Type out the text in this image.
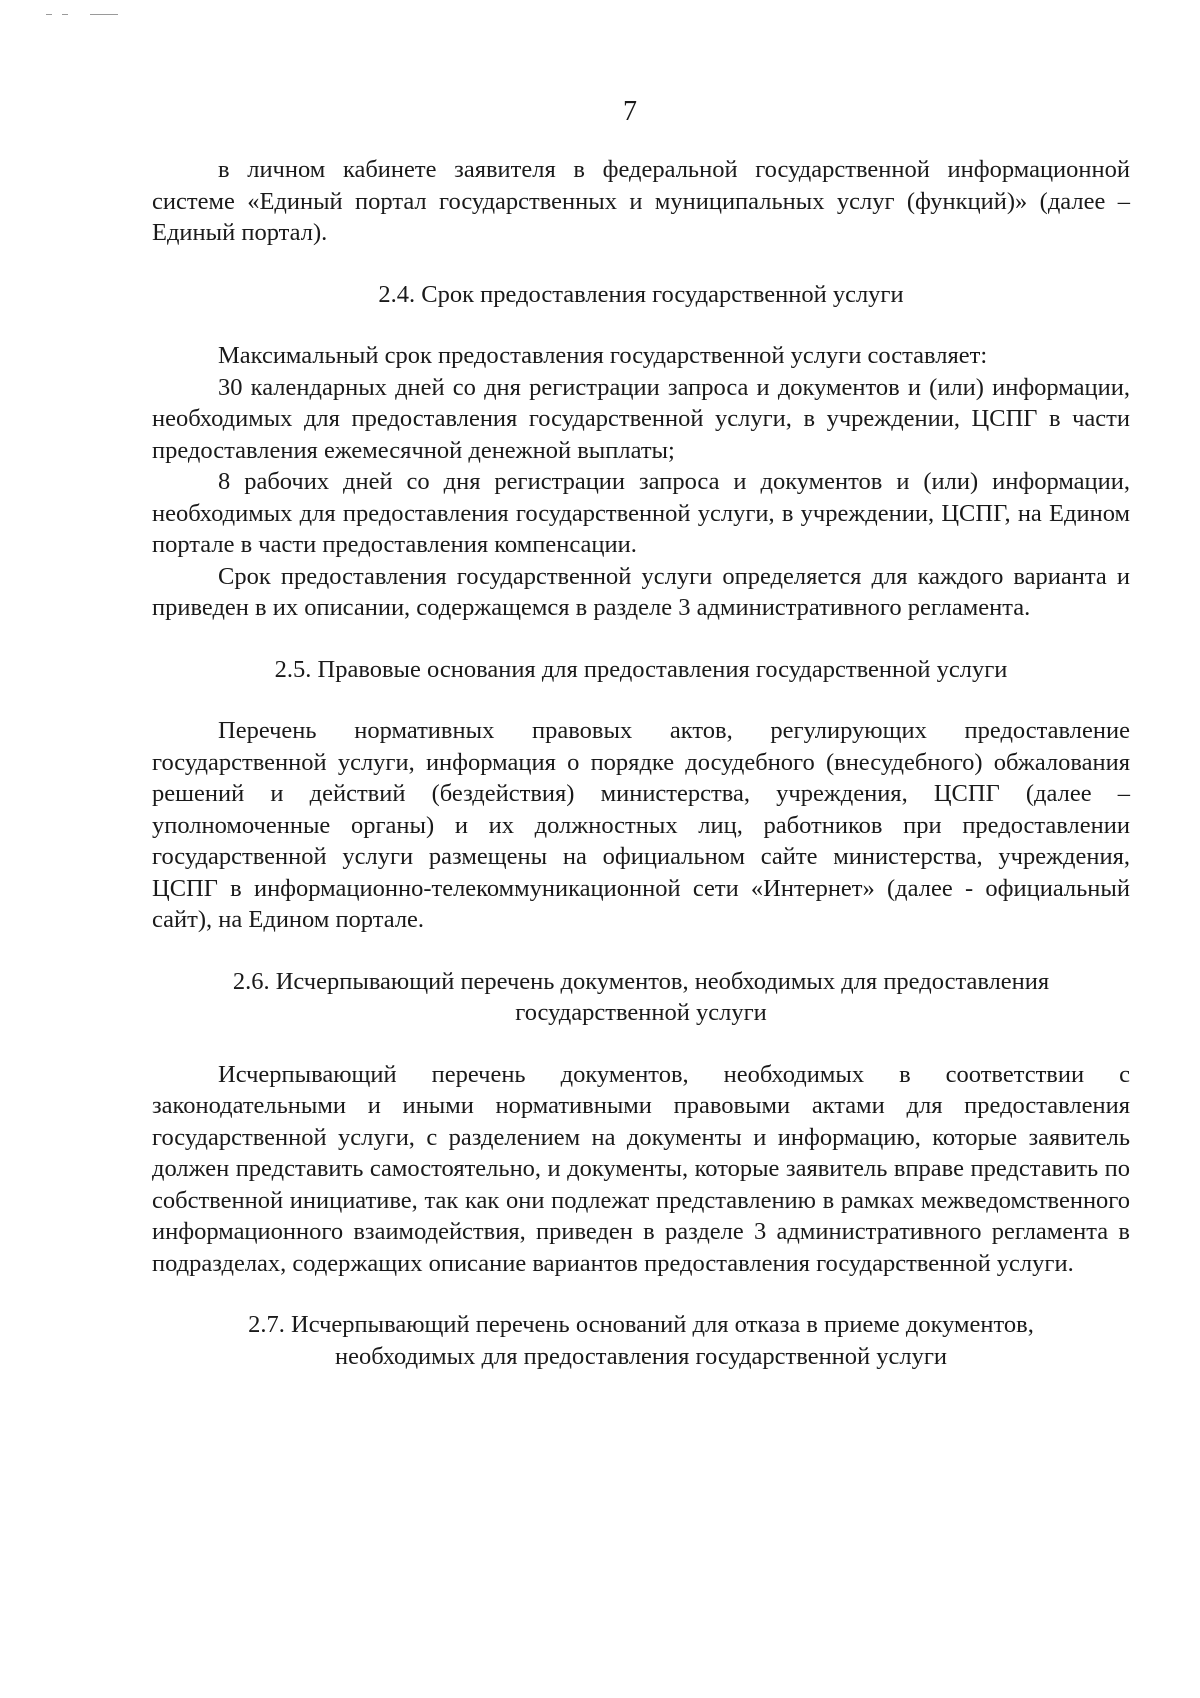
7

в личном кабинете заявителя в федеральной государственной информационной системе «Единый портал государственных и муниципальных услуг (функций)» (далее – Единый портал).

2.4. Срок предоставления государственной услуги

Максимальный срок предоставления государственной услуги составляет:

30 календарных дней со дня регистрации запроса и документов и (или) информации, необходимых для предоставления государственной услуги, в учреждении, ЦСПГ в части предоставления ежемесячной денежной выплаты;

8 рабочих дней со дня регистрации запроса и документов и (или) информации, необходимых для предоставления государственной услуги, в учреждении, ЦСПГ, на Едином портале в части предоставления компенсации.

Срок предоставления государственной услуги определяется для каждого варианта и приведен в их описании, содержащемся в разделе 3 административного регламента.

2.5. Правовые основания для предоставления государственной услуги

Перечень нормативных правовых актов, регулирующих предоставление государственной услуги, информация о порядке досудебного (внесудебного) обжалования решений и действий (бездействия) министерства, учреждения, ЦСПГ (далее – уполномоченные органы) и их должностных лиц, работников при предоставлении государственной услуги размещены на официальном сайте министерства, учреждения, ЦСПГ в информационно-телекоммуникационной сети «Интернет» (далее - официальный сайт), на Едином портале.

2.6. Исчерпывающий перечень документов, необходимых для предоставления государственной услуги

Исчерпывающий перечень документов, необходимых в соответствии с законодательными и иными нормативными правовыми актами для предоставления государственной услуги, с разделением на документы и информацию, которые заявитель должен представить самостоятельно, и документы, которые заявитель вправе представить по собственной инициативе, так как они подлежат представлению в рамках межведомственного информационного взаимодействия, приведен в разделе 3 административного регламента в подразделах, содержащих описание вариантов предоставления государственной услуги.

2.7. Исчерпывающий перечень оснований для отказа в приеме документов, необходимых для предоставления государственной услуги
